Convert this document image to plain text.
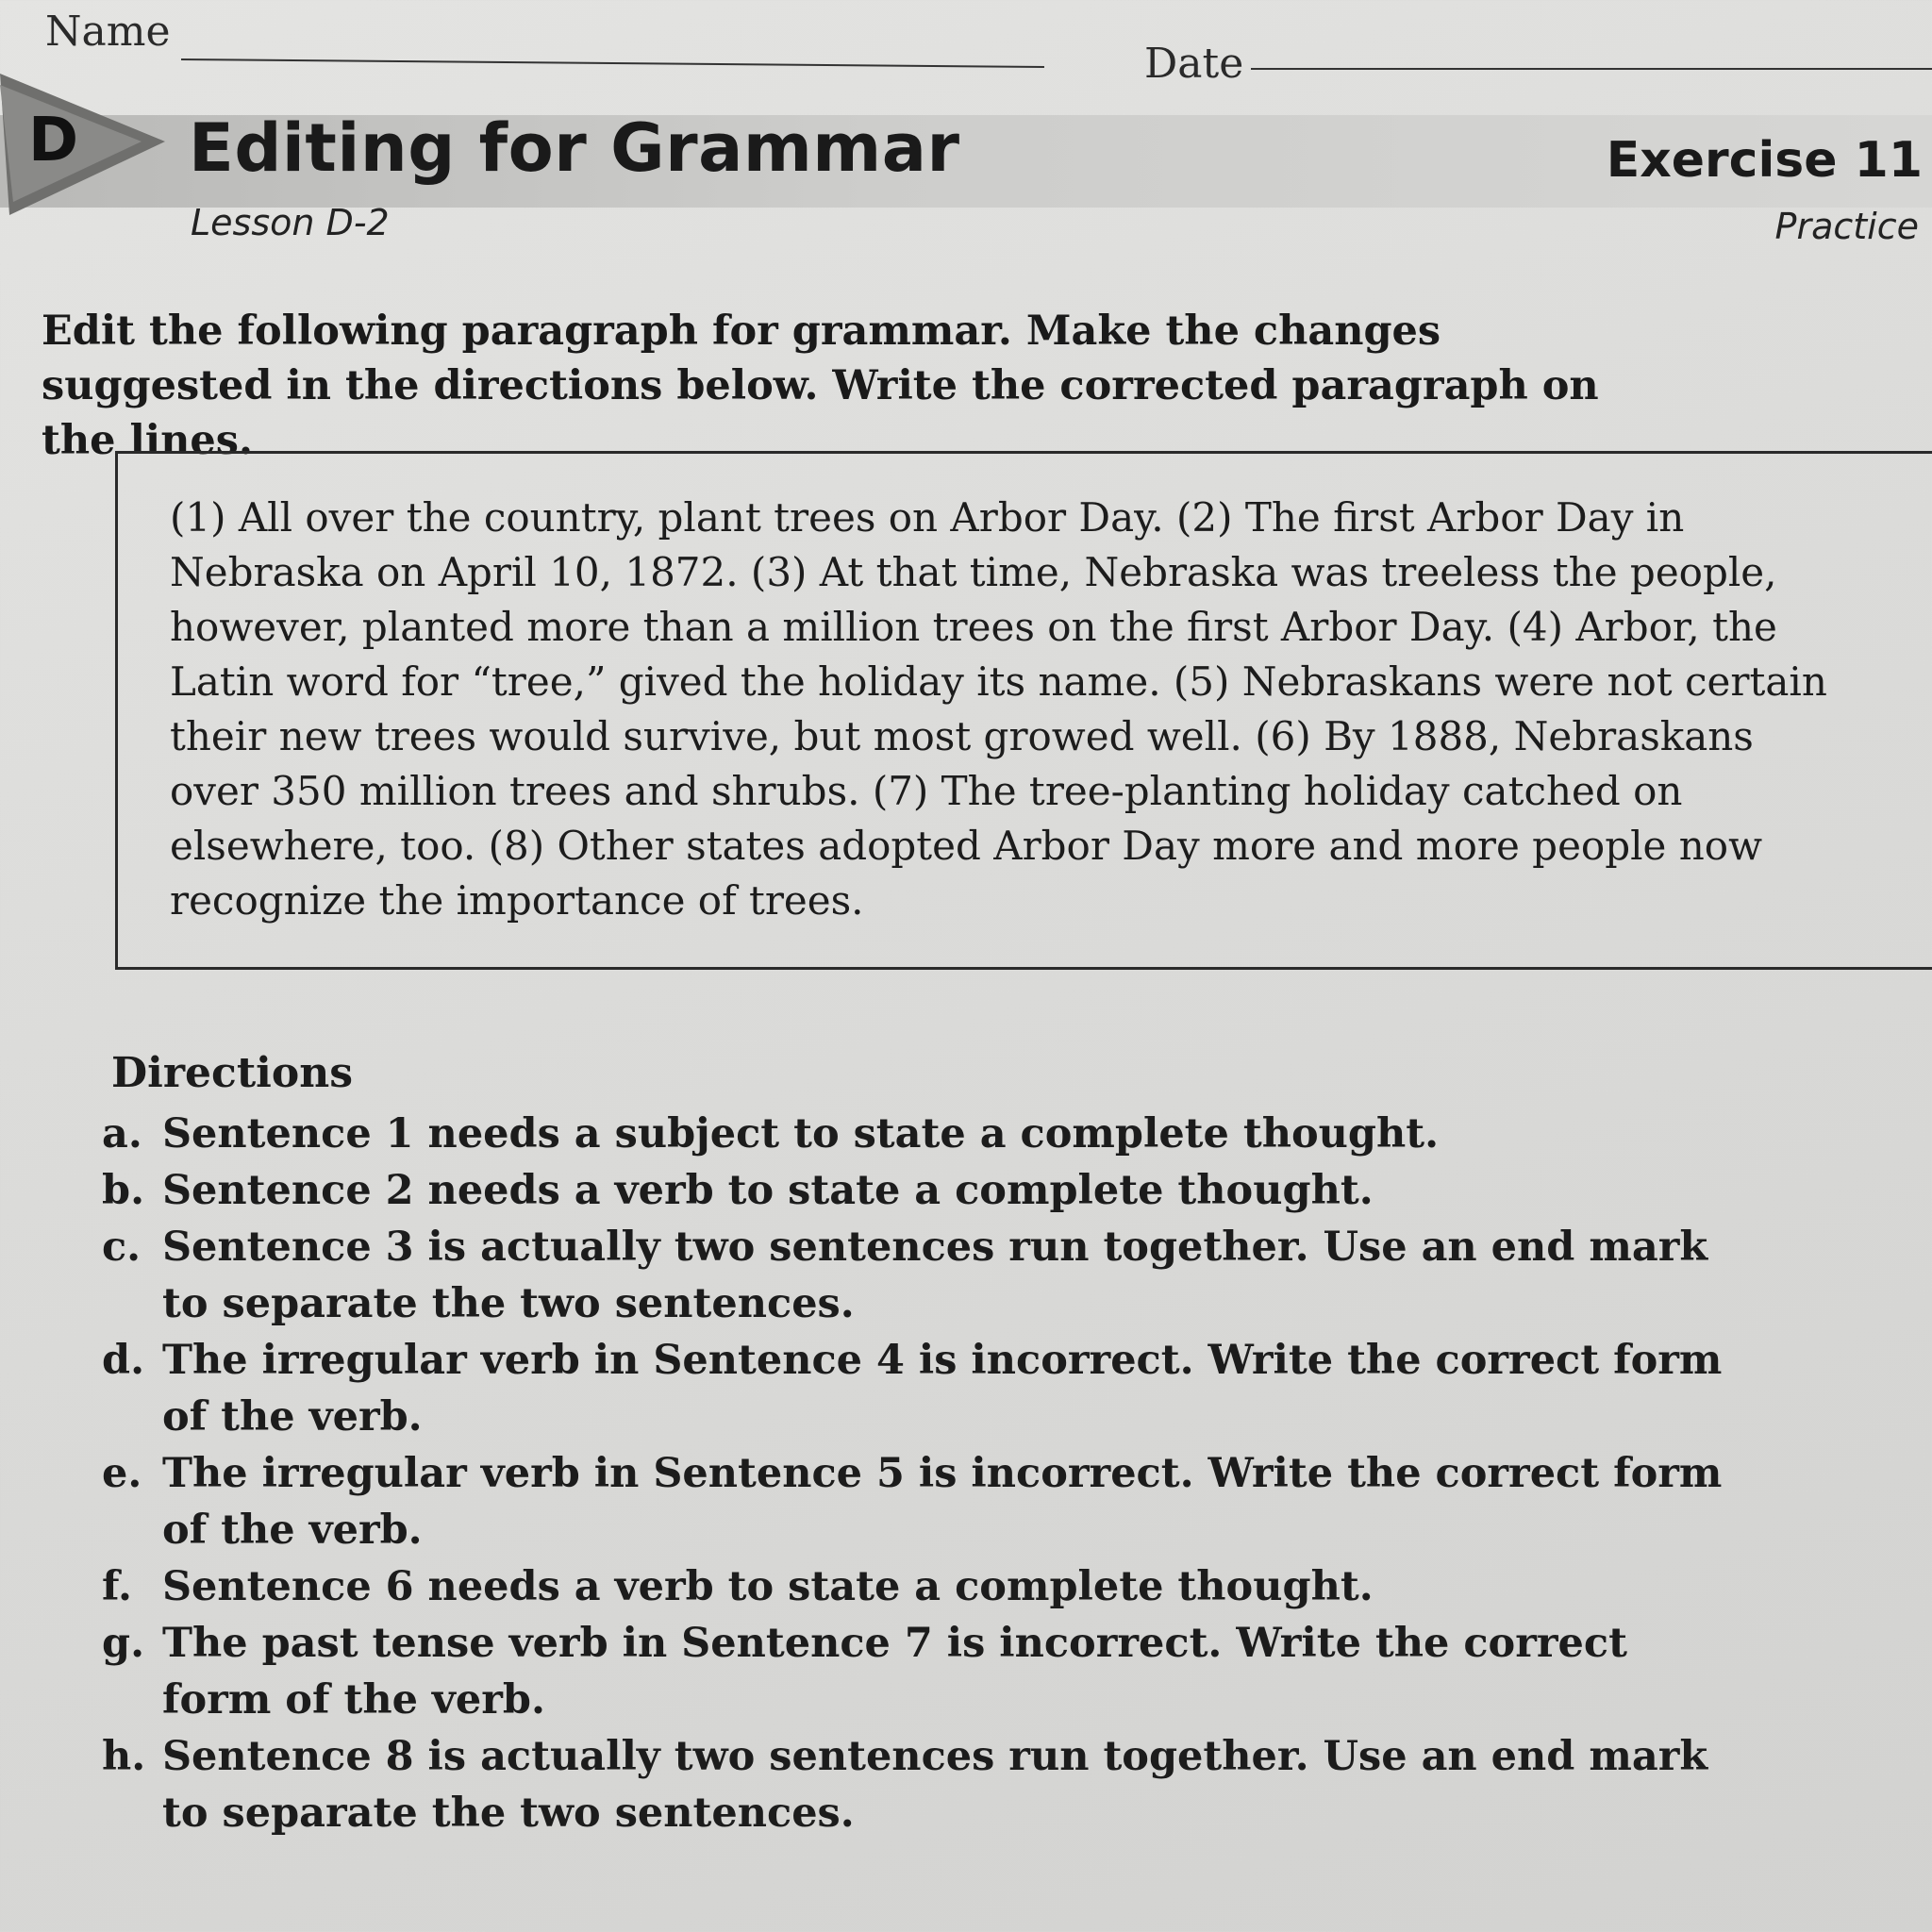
Name
Date
D Editing for Grammar	Exercise 11
Lesson D-2	Practice

Edit the following paragraph for grammar. Make the changes suggested in the directions below. Write the corrected paragraph on the lines.

(1) All over the country, plant trees on Arbor Day. (2) The first Arbor Day in Nebraska on April 10, 1872. (3) At that time, Nebraska was treeless the people, however, planted more than a million trees on the first Arbor Day. (4) Arbor, the Latin word for “tree,” gived the holiday its name. (5) Nebraskans were not certain their new trees would survive, but most growed well. (6) By 1888, Nebraskans over 350 million trees and shrubs. (7) The tree-planting holiday catched on elsewhere, too. (8) Other states adopted Arbor Day more and more people now recognize the importance of trees.

Directions
a. Sentence 1 needs a subject to state a complete thought.
b. Sentence 2 needs a verb to state a complete thought.
c. Sentence 3 is actually two sentences run together. Use an end mark to separate the two sentences.
d. The irregular verb in Sentence 4 is incorrect. Write the correct form of the verb.
e. The irregular verb in Sentence 5 is incorrect. Write the correct form of the verb.
f. Sentence 6 needs a verb to state a complete thought.
g. The past tense verb in Sentence 7 is incorrect. Write the correct form of the verb.
h. Sentence 8 is actually two sentences run together. Use an end mark to separate the two sentences.
